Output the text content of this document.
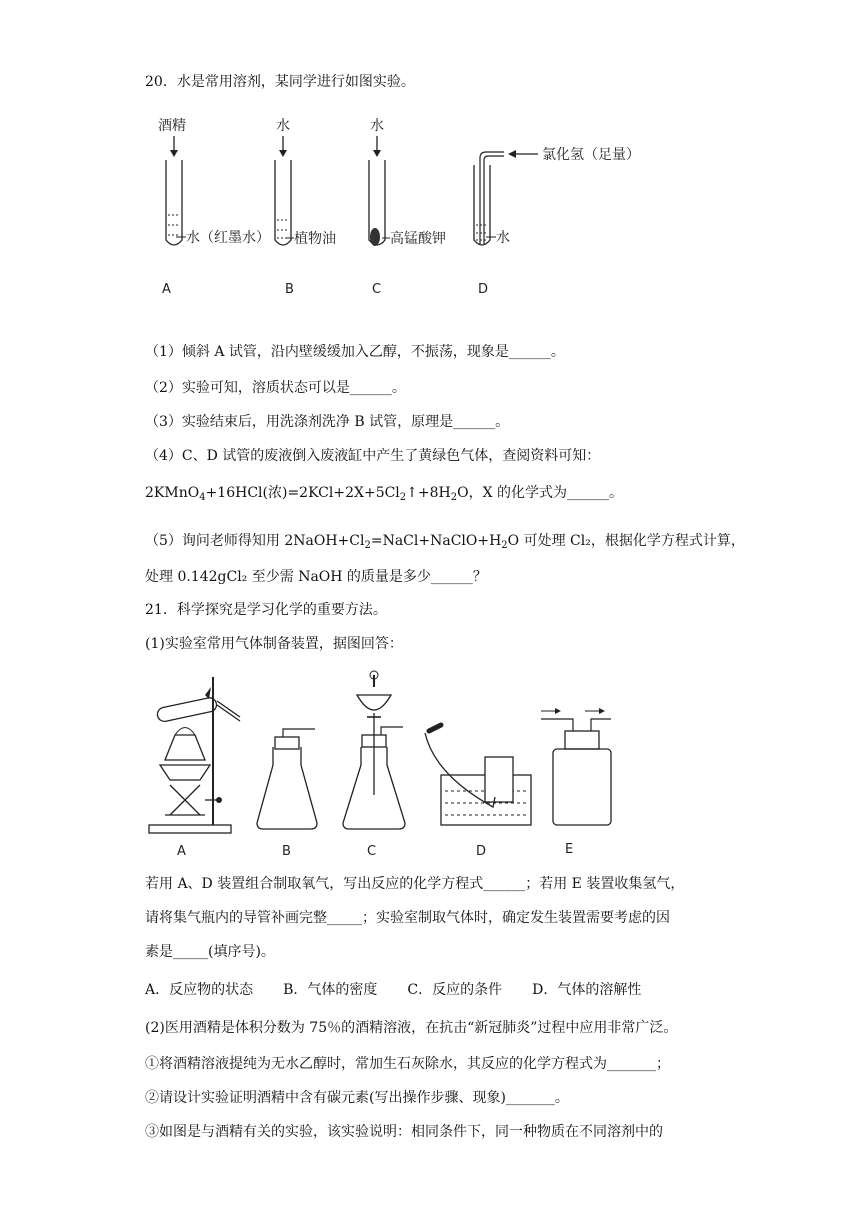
20．水是常用溶剂，某同学进行如图实验。
酒精
水（红墨水）
A
水
植物油
B
水
高锰酸钾
C
水
氯化氢（足量）
D
（1）倾斜 A 试管，沿内壁缓缓加入乙醇，不振荡，现象是______。
（2）实验可知，溶质状态可以是______。
（3）实验结束后，用洗涤剂洗净 B 试管，原理是______。
（4）C、D 试管的废液倒入废液缸中产生了黄绿色气体，查阅资料可知：
2KMnO$_4$+16HCl(浓)$=2KCl+2X+5Cl_2↑+8H_2O$，X 的化学式为______。
（5）询问老师得知用 $2NaOH+Cl_2=NaCl+NaClO+H_2O$ 可处理 Cl₂，根据化学方程式计算，
处理 0.142gCl₂ 至少需 NaOH 的质量是多少______？
21．科学探究是学习化学的重要方法。
(1)实验室常用气体制备装置，据图回答：
A	B	C	D	E
若用 A、D 装置组合制取氧气，写出反应的化学方程式______；若用 E 装置收集氢气，
请将集气瓶内的导管补画完整_____；实验室制取气体时，确定发生装置需要考虑的因
素是_____(填序号)。
A．反应物的状态 B．气体的密度 C．反应的条件 D．气体的溶解性
(2)医用酒精是体积分数为 75％的酒精溶液，在抗击“新冠肺炎”过程中应用非常广泛。
①将酒精溶液提纯为无水乙醇时，常加生石灰除水，其反应的化学方程式为_______；
②请设计实验证明酒精中含有碳元素(写出操作步骤、现象)_______。
③如图是与酒精有关的实验，该实验说明：相同条件下，同一种物质在不同溶剂中的
